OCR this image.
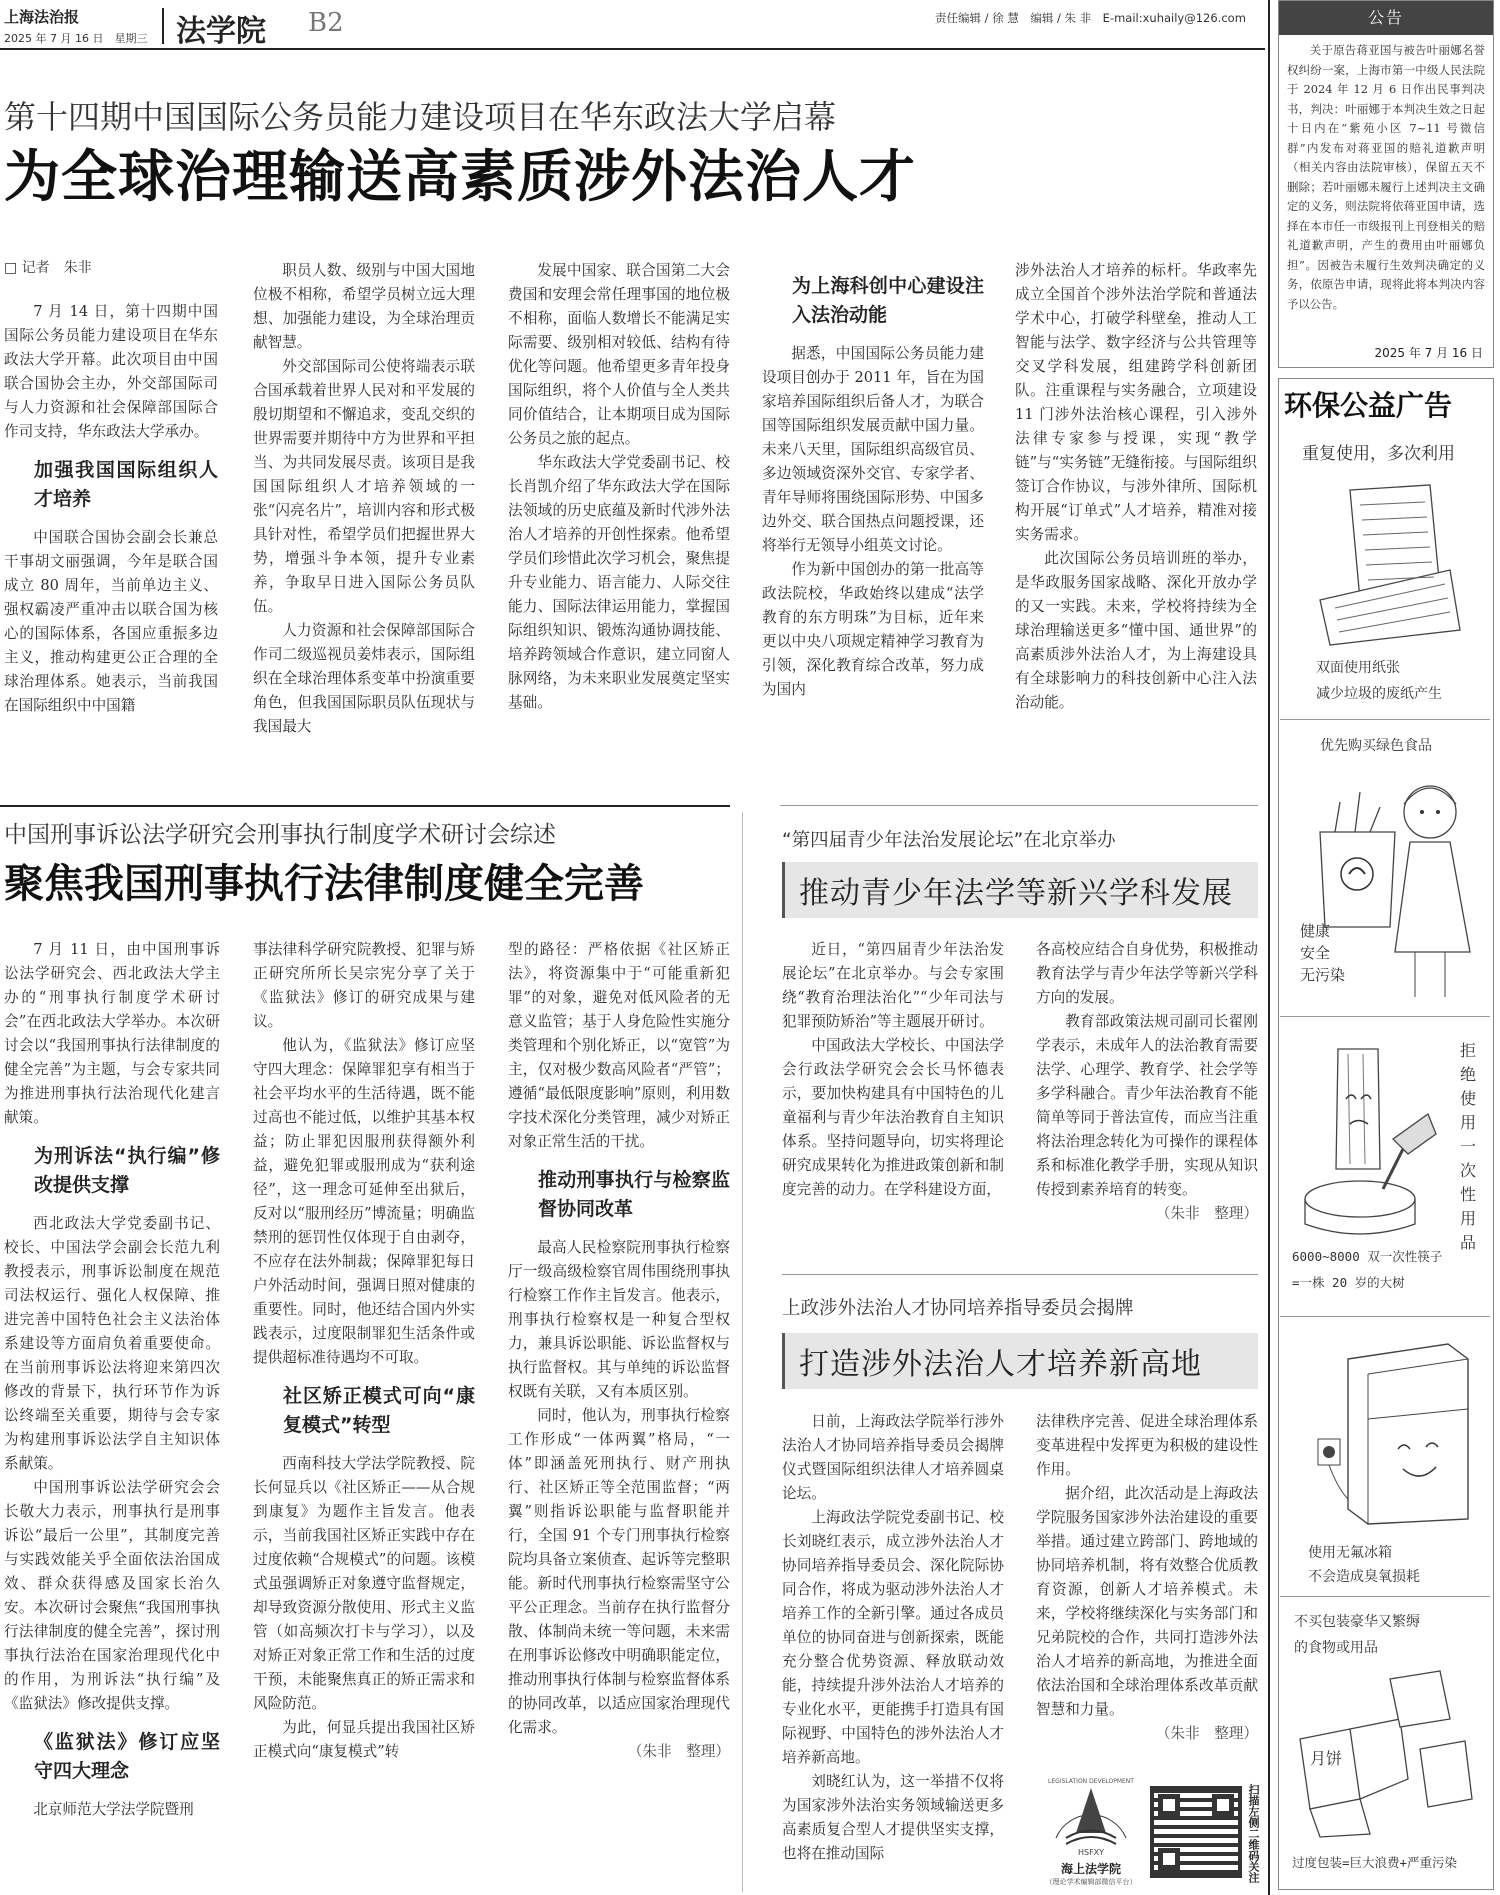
上海法治报
2025 年 7 月 16 日　星期三 法学院 B2	责任编辑 / 徐 慧　编辑 / 朱 非　E-mail:xuhaily@126.com
第十四期中国国际公务员能力建设项目在华东政法大学启幕
为全球治理输送高素质涉外法治人才
□ 记者　朱非

7 月 14 日，第十四期中国国际公务员能力建设项目在华东政法大学开幕。此次项目由中国联合国协会主办，外交部国际司与人力资源和社会保障部国际合作司支持，华东政法大学承办。

加强我国国际组织人才培养

中国联合国协会副会长兼总干事胡文丽强调，今年是联合国成立 80 周年，当前单边主义、强权霸凌严重冲击以联合国为核心的国际体系，各国应重振多边主义，推动构建更公正合理的全球治理体系。她表示，当前我国在国际组织中中国籍

职员人数、级别与中国大国地位极不相称，希望学员树立远大理想、加强能力建设，为全球治理贡献智慧。

外交部国际司公使将端表示联合国承载着世界人民对和平发展的殷切期望和不懈追求，变乱交织的世界需要并期待中方为世界和平担当、为共同发展尽责。该项目是我国国际组织人才培养领域的一张“闪亮名片”，培训内容和形式极具针对性，希望学员们把握世界大势，增强斗争本领，提升专业素养，争取早日进入国际公务员队伍。

人力资源和社会保障部国际合作司二级巡视员姜炜表示，国际组织在全球治理体系变革中扮演重要角色，但我国国际职员队伍现状与我国最大

发展中国家、联合国第二大会费国和安理会常任理事国的地位极不相称，面临人数增长不能满足实际需要、级别相对较低、结构有待优化等问题。他希望更多青年投身国际组织，将个人价值与全人类共同价值结合，让本期项目成为国际公务员之旅的起点。

华东政法大学党委副书记、校长肖凯介绍了华东政法大学在国际法领域的历史底蕴及新时代涉外法治人才培养的开创性探索。他希望学员们珍惜此次学习机会，聚焦提升专业能力、语言能力、人际交往能力、国际法律运用能力，掌握国际组织知识、锻炼沟通协调技能、培养跨领域合作意识，建立同窗人脉网络，为未来职业发展奠定坚实基础。

为上海科创中心建设注入法治动能

据悉，中国国际公务员能力建设项目创办于 2011 年，旨在为国家培养国际组织后备人才，为联合国等国际组织发展贡献中国力量。未来八天里，国际组织高级官员、多边领域资深外交官、专家学者、青年导师将围绕国际形势、中国多边外交、联合国热点问题授课，还将举行无领导小组英文讨论。

作为新中国创办的第一批高等政法院校，华政始终以建成“法学教育的东方明珠”为目标，近年来更以中央八项规定精神学习教育为引领，深化教育综合改革，努力成为国内

涉外法治人才培养的标杆。华政率先成立全国首个涉外法治学院和普通法学术中心，打破学科壁垒，推动人工智能与法学、数字经济与公共管理等交叉学科发展，组建跨学科创新团队。注重课程与实务融合，立项建设 11 门涉外法治核心课程，引入涉外法律专家参与授课，实现“教学链”与“实务链”无缝衔接。与国际组织签订合作协议，与涉外律所、国际机构开展“订单式”人才培养，精准对接实务需求。

此次国际公务员培训班的举办，是华政服务国家战略、深化开放办学的又一实践。未来，学校将持续为全球治理输送更多“懂中国、通世界”的高素质涉外法治人才，为上海建设具有全球影响力的科技创新中心注入法治动能。

中国刑事诉讼法学研究会刑事执行制度学术研讨会综述
聚焦我国刑事执行法律制度健全完善

7 月 11 日，由中国刑事诉讼法学研究会、西北政法大学主办的“刑事执行制度学术研讨会”在西北政法大学举办。本次研讨会以“我国刑事执行法律制度的健全完善”为主题，与会专家共同为推进刑事执行法治现代化建言献策。

为刑诉法“执行编”修改提供支撑

西北政法大学党委副书记、校长、中国法学会副会长范九利教授表示，刑事诉讼制度在规范司法权运行、强化人权保障、推进完善中国特色社会主义法治体系建设等方面肩负着重要使命。在当前刑事诉讼法将迎来第四次修改的背景下，执行环节作为诉讼终端至关重要，期待与会专家为构建刑事诉讼法学自主知识体系献策。

中国刑事诉讼法学研究会会长敬大力表示，刑事执行是刑事诉讼“最后一公里”，其制度完善与实践效能关乎全面依法治国成效、群众获得感及国家长治久安。本次研讨会聚焦“我国刑事执行法律制度的健全完善”，探讨刑事执行法治在国家治理现代化中的作用，为刑诉法“执行编”及《监狱法》修改提供支撑。

《监狱法》修订应坚守四大理念

北京师范大学法学院暨刑

事法律科学研究院教授、犯罪与矫正研究所所长吴宗宪分享了关于《监狱法》修订的研究成果与建议。

他认为，《监狱法》修订应坚守四大理念：保障罪犯享有相当于社会平均水平的生活待遇，既不能过高也不能过低，以维护其基本权益；防止罪犯因服刑获得额外利益，避免犯罪或服刑成为“获利途径”，这一理念可延伸至出狱后，反对以“服刑经历”博流量；明确监禁刑的惩罚性仅体现于自由剥夺，不应存在法外制裁；保障罪犯每日户外活动时间，强调日照对健康的重要性。同时，他还结合国内外实践表示，过度限制罪犯生活条件或提供超标准待遇均不可取。

社区矫正模式可向“康复模式”转型

西南科技大学法学院教授、院长何显兵以《社区矫正——从合规到康复》为题作主旨发言。他表示，当前我国社区矫正实践中存在过度依赖“合规模式”的问题。该模式虽强调矫正对象遵守监督规定，却导致资源分散使用、形式主义监管（如高频次打卡与学习），以及对矫正对象正常工作和生活的过度干预，未能聚焦真正的矫正需求和风险防范。

为此，何显兵提出我国社区矫正模式向“康复模式”转

型的路径：严格依据《社区矫正法》，将资源集中于“可能重新犯罪”的对象，避免对低风险者的无意义监管；基于人身危险性实施分类管理和个别化矫正，以“宽管”为主，仅对极少数高风险者“严管”；遵循“最低限度影响”原则，利用数字技术深化分类管理，减少对矫正对象正常生活的干扰。

推动刑事执行与检察监督协同改革

最高人民检察院刑事执行检察厅一级高级检察官周伟围绕刑事执行检察工作作主旨发言。他表示，刑事执行检察权是一种复合型权力，兼具诉讼职能、诉讼监督权与执行监督权。其与单纯的诉讼监督权既有关联，又有本质区别。

同时，他认为，刑事执行检察工作形成“一体两翼”格局，“一体”即涵盖死刑执行、财产刑执行、社区矫正等全范围监督；“两翼”则指诉讼职能与监督职能并行，全国 91 个专门刑事执行检察院均具备立案侦查、起诉等完整职能。新时代刑事执行检察需坚守公平公正理念。当前存在执行监督分散、体制尚未统一等问题，未来需在刑事诉讼修改中明确职能定位，推动刑事执行体制与检察监督体系的协同改革，以适应国家治理现代化需求。

（朱非　整理）

“第四届青少年法治发展论坛”在北京举办
推动青少年法学等新兴学科发展

近日，“第四届青少年法治发展论坛”在北京举办。与会专家围绕“教育治理法治化”“少年司法与犯罪预防矫治”等主题展开研讨。

中国政法大学校长、中国法学会行政法学研究会会长马怀德表示，要加快构建具有中国特色的儿童福利与青少年法治教育自主知识体系。坚持问题导向，切实将理论研究成果转化为推进政策创新和制度完善的动力。在学科建设方面，

各高校应结合自身优势，积极推动教育法学与青少年法学等新兴学科方向的发展。

教育部政策法规司副司长翟刚学表示，未成年人的法治教育需要法学、心理学、教育学、社会学等多学科融合。青少年法治教育不能简单等同于普法宣传，而应当注重将法治理念转化为可操作的课程体系和标准化教学手册，实现从知识传授到素养培育的转变。

（朱非　整理）

上政涉外法治人才协同培养指导委员会揭牌
打造涉外法治人才培养新高地

日前，上海政法学院举行涉外法治人才协同培养指导委员会揭牌仪式暨国际组织法律人才培养圆桌论坛。

上海政法学院党委副书记、校长刘晓红表示，成立涉外法治人才协同培养指导委员会、深化院际协同合作，将成为驱动涉外法治人才培养工作的全新引擎。通过各成员单位的协同奋进与创新探索，既能充分整合优势资源、释放联动效能，持续提升涉外法治人才培养的专业化水平，更能携手打造具有国际视野、中国特色的涉外法治人才培养新高地。

刘晓红认为，这一举措不仅将为国家涉外法治实务领域输送更多高素质复合型人才提供坚实支撑，也将在推动国际

法律秩序完善、促进全球治理体系变革进程中发挥更为积极的建设性作用。

据介绍，此次活动是上海政法学院服务国家涉外法治建设的重要举措。通过建立跨部门、跨地域的协同培养机制，将有效整合优质教育资源，创新人才培养模式。未来，学校将继续深化与实务部门和兄弟院校的合作，共同打造涉外法治人才培养的新高地，为推进全面依法治国和全球治理体系改革贡献智慧和力量。

（朱非　整理）

LEGISLATION DEVELOPMENT
HSFXY
海上法学院
（理论学术编辑部微信平台）	扫描左侧二维码关注
公告
关于原告蒋亚国与被告叶丽娜名誉权纠纷一案，上海市第一中级人民法院于 2024 年 12 月 6 日作出民事判决书，判决：叶丽娜于本判决生效之日起十日内在“紫苑小区 7~11 号微信群”内发布对蒋亚国的赔礼道歉声明（相关内容由法院审核），保留五天不删除；若叶丽娜未履行上述判决主文确定的义务，则法院将依蒋亚国申请，选择在本市任一市级报刊上刊登相关的赔礼道歉声明，产生的费用由叶丽娜负担”。因被告未履行生效判决确定的义务，依原告申请，现将此将本判决内容予以公告。
2025 年 7 月 16 日
环保公益广告
重复使用，多次利用
双面使用纸张
减少垃圾的废纸产生
优先购买绿色食品
健康
安全
无污染
拒绝使用一次性用品
6000~8000 双一次性筷子
=一株 20 岁的大树
使用无氟冰箱
不会造成臭氧损耗
不买包装豪华又繁缛
的食物或用品
月饼
过度包装=巨大浪费+严重污染
